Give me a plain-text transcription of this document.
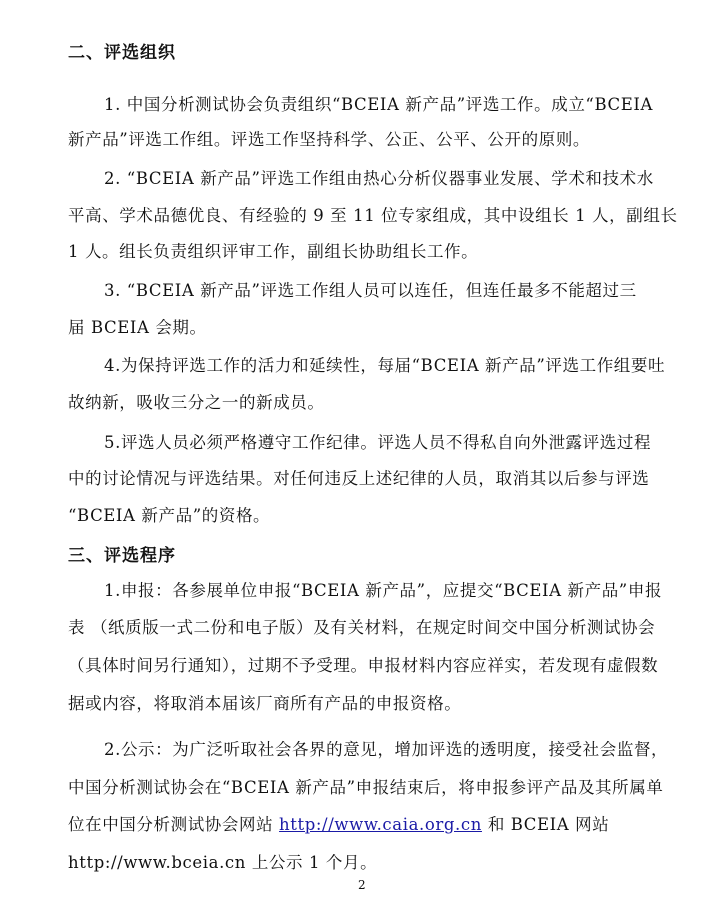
二、评选组织
1. 中国分析测试协会负责组织“BCEIA 新产品”评选工作。成立“BCEIA
新产品”评选工作组。评选工作坚持科学、公正、公平、公开的原则。
2. “BCEIA 新产品”评选工作组由热心分析仪器事业发展、学术和技术水
平高、学术品德优良、有经验的 9 至 11 位专家组成，其中设组长 1 人，副组长
1 人。组长负责组织评审工作，副组长协助组长工作。
3. “BCEIA 新产品”评选工作组人员可以连任，但连任最多不能超过三
届 BCEIA 会期。
4.为保持评选工作的活力和延续性，每届“BCEIA 新产品”评选工作组要吐
故纳新，吸收三分之一的新成员。
5.评选人员必须严格遵守工作纪律。评选人员不得私自向外泄露评选过程
中的讨论情况与评选结果。对任何违反上述纪律的人员，取消其以后参与评选
“BCEIA 新产品”的资格。
三、评选程序
1.申报：各参展单位申报“BCEIA 新产品”，应提交“BCEIA 新产品”申报
表 （纸质版一式二份和电子版）及有关材料，在规定时间交中国分析测试协会
（具体时间另行通知），过期不予受理。申报材料内容应祥实，若发现有虚假数
据或内容，将取消本届该厂商所有产品的申报资格。
2.公示：为广泛听取社会各界的意见，增加评选的透明度，接受社会监督，
中国分析测试协会在“BCEIA 新产品”申报结束后，将申报参评产品及其所属单
位在中国分析测试协会网站 http://www.caia.org.cn 和 BCEIA 网站
http://www.bceia.cn 上公示 1 个月。
2
